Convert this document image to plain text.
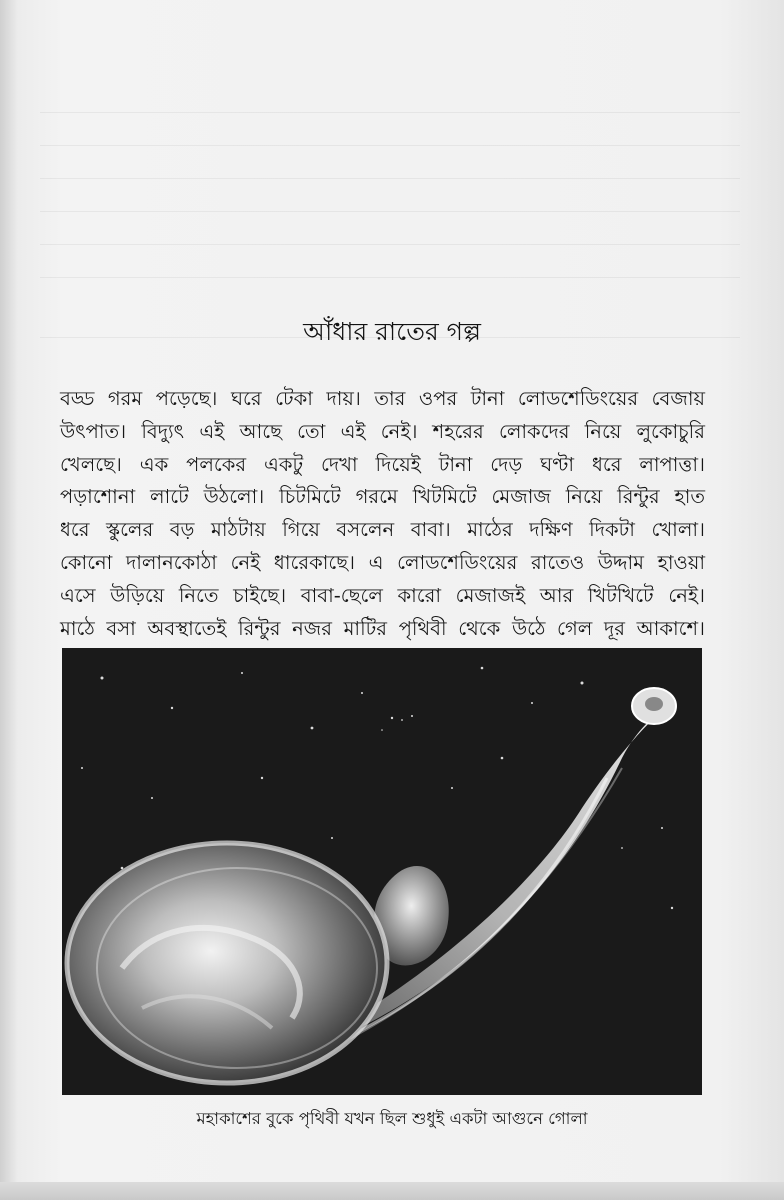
আঁধার রাতের গল্প
বড্ড গরম পড়েছে। ঘরে টেকা দায়। তার ওপর টানা লোডশেডিংয়ের বেজায়
উৎপাত। বিদ্যুৎ এই আছে তো এই নেই। শহরের লোকদের নিয়ে লুকোচুরি
খেলছে। এক পলকের একটু দেখা দিয়েই টানা দেড় ঘণ্টা ধরে লাপাত্তা।
পড়াশোনা লাটে উঠলো। চিটমিটে গরমে খিটমিটে মেজাজ নিয়ে রিন্টুর হাত
ধরে স্কুলের বড় মাঠটায় গিয়ে বসলেন বাবা। মাঠের দক্ষিণ দিকটা খোলা।
কোনো দালানকোঠা নেই ধারেকাছে। এ লোডশেডিংয়ের রাতেও উদ্দাম হাওয়া
এসে উড়িয়ে নিতে চাইছে। বাবা-ছেলে কারো মেজাজই আর খিটখিটে নেই।
মাঠে বসা অবস্থাতেই রিন্টুর নজর মাটির পৃথিবী থেকে উঠে গেল দূর আকাশে।
মহাকাশের বুকে পৃথিবী যখন ছিল শুধুই একটা আগুনে গোলা
